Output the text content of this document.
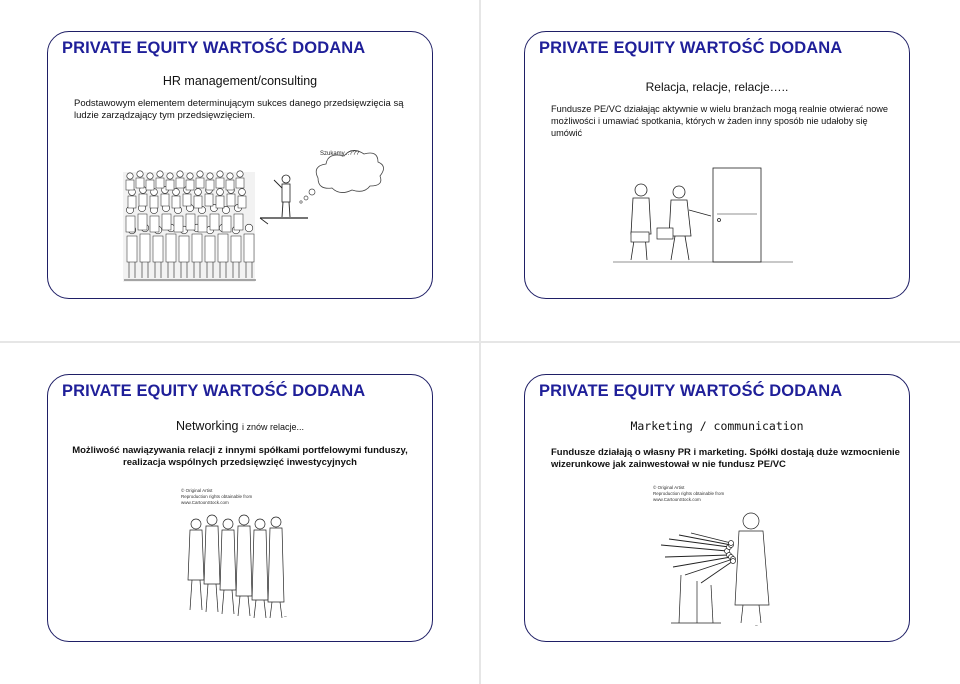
PRIVATE EQUITY WARTOŚĆ DODANA
HR management/consulting
Podstawowym elementem determinującym sukces danego przedsięwzięcia są ludzie zarządzający tym przedsięwzięciem.
Szukamy...???
PRIVATE EQUITY WARTOŚĆ DODANA
Relacja, relacje, relacje…..
Fundusze PE/VC działając aktywnie w wielu branżach mogą realnie otwierać nowe możliwości i umawiać spotkania, których w żaden inny sposób nie udałoby się umówić
PRIVATE EQUITY WARTOŚĆ DODANA
Networking i znów relacje...
Możliwość nawiązywania relacji z innymi spółkami portfelowymi funduszy, realizacja wspólnych przedsięwzięć inwestycyjnych
© Original Artist
Reproduction rights obtainable from
www.CartoonStock.com
~
PRIVATE EQUITY WARTOŚĆ DODANA
Marketing / communication
Fundusze działają o własny PR i marketing. Spółki dostają duże wzmocnienie wizerunkowe jak zainwestował w nie fundusz PE/VC
© Original Artist
Reproduction rights obtainable from
www.CartoonStock.com
~
